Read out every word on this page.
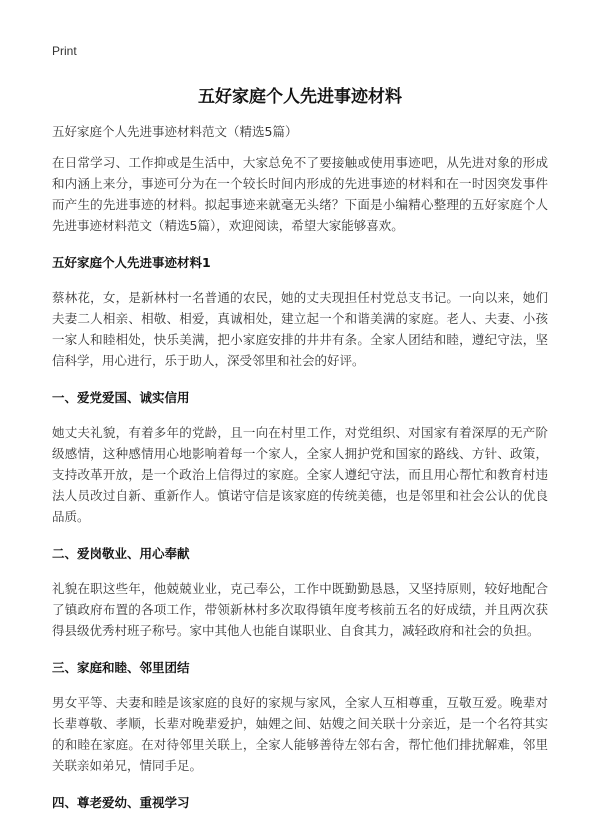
Print
五好家庭个人先进事迹材料

五好家庭个人先进事迹材料范文（精选5篇）

在日常学习、工作抑或是生活中，大家总免不了要接触或使用事迹吧，从先进对象的形成和内涵上来分，事迹可分为在一个较长时间内形成的先进事迹的材料和在一时因突发事件而产生的先进事迹的材料。拟起事迹来就毫无头绪？下面是小编精心整理的五好家庭个人先进事迹材料范文（精选5篇），欢迎阅读，希望大家能够喜欢。

五好家庭个人先进事迹材料1

蔡林花，女，是新林村一名普通的农民，她的丈夫现担任村党总支书记。一向以来，她们夫妻二人相亲、相敬、相爱，真诚相处，建立起一个和谐美满的家庭。老人、夫妻、小孩一家人和睦相处，快乐美满，把小家庭安排的井井有条。全家人团结和睦，遵纪守法，坚信科学，用心进行，乐于助人，深受邻里和社会的好评。

一、爱党爱国、诚实信用

她丈夫礼貌，有着多年的党龄，且一向在村里工作，对党组织、对国家有着深厚的无产阶级感情，这种感情用心地影响着每一个家人，全家人拥护党和国家的路线、方针、政策，支持改革开放，是一个政治上信得过的家庭。全家人遵纪守法，而且用心帮忙和教育村违法人员改过自新、重新作人。慎诺守信是该家庭的传统美德，也是邻里和社会公认的优良品质。

二、爱岗敬业、用心奉献

礼貌在职这些年，他兢兢业业，克己奉公，工作中既勤勤恳恳，又坚持原则，较好地配合了镇政府布置的各项工作，带领新林村多次取得镇年度考核前五名的好成绩，并且两次获得县级优秀村班子称号。家中其他人也能自谋职业、自食其力，减轻政府和社会的负担。

三、家庭和睦、邻里团结

男女平等、夫妻和睦是该家庭的良好的家规与家风，全家人互相尊重，互敬互爱。晚辈对长辈尊敬、孝顺，长辈对晚辈爱护，妯娌之间、姑嫂之间关联十分亲近，是一个名符其实的和睦在家庭。在对待邻里关联上，全家人能够善待左邻右舍，帮忙他们排扰解难，邻里关联亲如弟兄，情同手足。

四、尊老爱幼、重视学习
